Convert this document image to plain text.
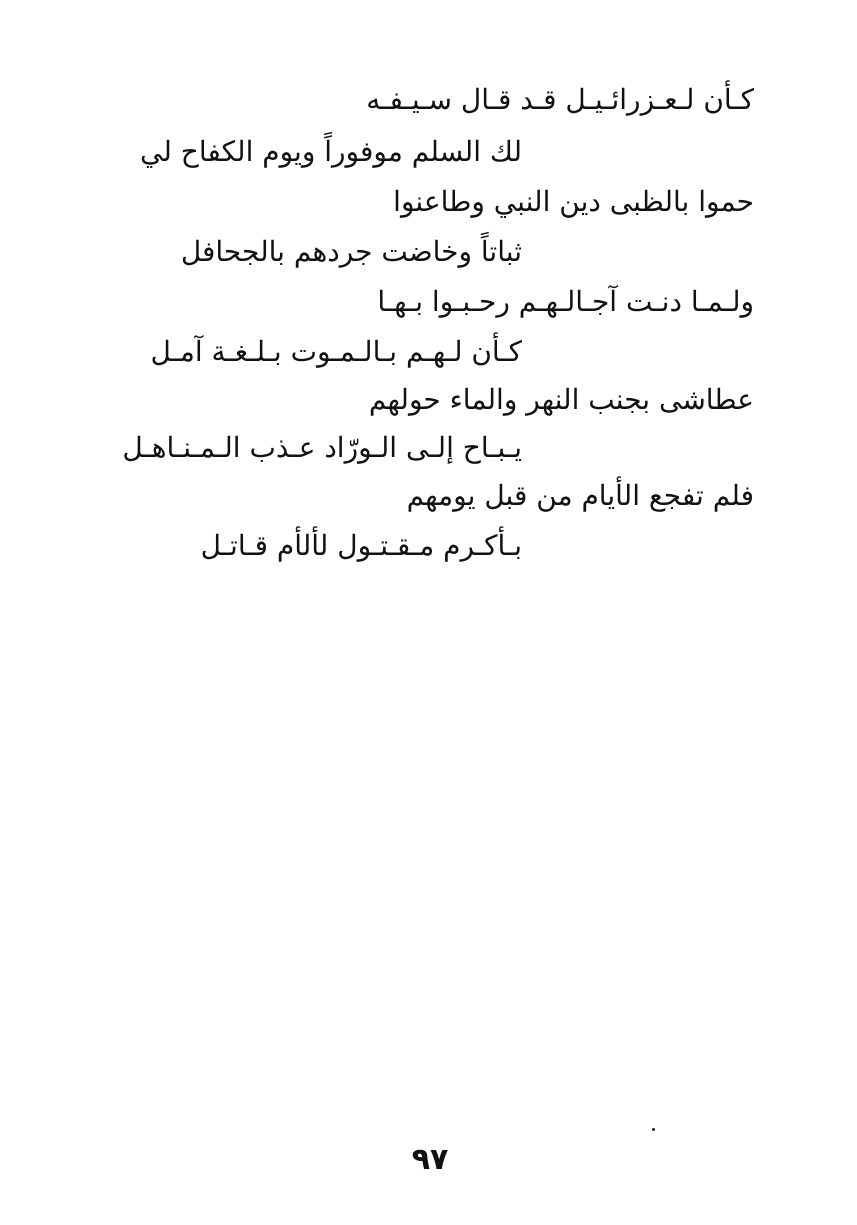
كـأن لـعـزرائـيـل قـد قـال سـيـفـه
لك السلم موفوراً ويوم الكفاح لي
حموا بالظبى دين النبي وطاعنوا
ثباتاً وخاضت جردهم بالجحافل
ولـمـا دنـت آجـالـهـم رحـبـوا بـهـا
كـأن لـهـم بـالـمـوت بـلـغـة آمـل
عطاشى بجنب النهر والماء حولهم
يـبـاح إلـى الـورّاد عـذب الـمـنـاهـل
فلم تفجع الأيام من قبل يومهم
بـأكـرم مـقـتـول لألأم قـاتـل
٩٧
